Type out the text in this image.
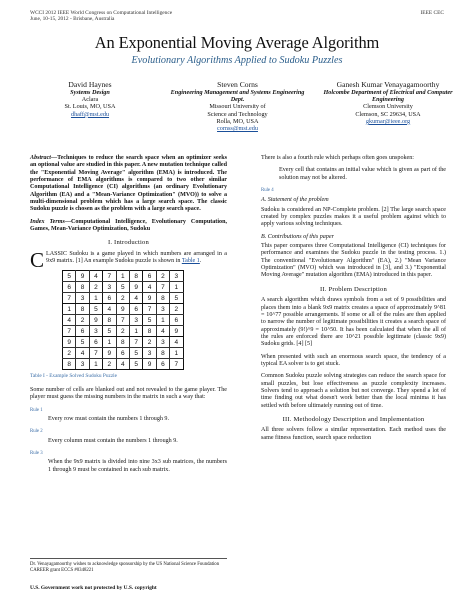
WCCI 2012 IEEE World Congress on Computational Intelligence
June, 10-15, 2012 - Brisbane, Australia
IEEE CEC
An Exponential Moving Average Algorithm
Evolutionary Algorithms Applied to Sudoku Puzzles
David Haynes
Systems Design
Aclara
St. Louis, MO, USA
dhaff@mst.edu
Steven Corns
Engineering Management and Systems Engineering Dept.
Missouri University of
Science and Technology
Rolla, MO, USA
cornss@mst.edu
Ganesh Kumar Venayagamoorthy
Holcombe Department of Electrical and Computer Engineering
Clemson University
Clemson, SC 29634, USA
gkumar@ieee.org

Abstract—Techniques to reduce the search space when an optimizer seeks an optional value are studied in this paper. A new mutation technique called the "Exponential Moving Average" algorithm (EMA) is introduced. The performance of EMA algorithms is compared to two other similar Computational Intelligence (CI) algorithms (an ordinary Evolutionary Algorithm (EA) and a "Mean-Variance Optimization" (MVO)) to solve a multi-dimensional problem which has a large search space. The classic Sudoku puzzle is chosen as the problem with a large search space.

Index Terms—Computational Intelligence, Evolutionary Computation, Games, Mean-Variance Optimization, Sudoku

I. Introduction

CLASSIC Sudoku is a game played in which numbers are arranged in a 9x9 matrix. [1] An example Sudoku puzzle is shown in Table 1.

5	9	4	7	1	8	6	2	3
6	8	2	3	5	9	4	7	1
7	3	1	6	2	4	9	8	5
1	8	5	4	9	6	7	3	2
4	2	9	8	7	3	5	1	6
7	6	3	5	2	1	8	4	9
9	5	6	1	8	7	2	3	4
2	4	7	9	6	5	3	8	1
8	3	1	2	4	5	9	6	7
Table I - Example Solved Sudoku Puzzle

Some number of cells are blanked out and not revealed to the game player. The player must guess the missing numbers in the matrix in such a way that:

Rule 1
Every row must contain the numbers 1 through 9.
Rule 2
Every column must contain the numbers 1 through 9.
Rule 3
When the 9x9 matrix is divided into nine 3x3 sub matrices, the numbers 1 through 9 must be contained in each sub matrix.
Dr. Venayagamoorthy wishes to acknowledge sponsorship by the US National Science Foundation CAREER grant ECCS #0348221
U.S. Government work not protected by U.S. copyright

There is also a fourth rule which perhaps often goes unspoken:

Every cell that contains an initial value which is given as part of the solution may not be altered.
Rule 4
A. Statement of the problem

Sudoku is considered an NP-Complete problem. [2] The large search space created by complex puzzles makes it a useful problem against which to apply various solving techniques.

B. Contributions of this paper

This paper compares three Computational Intelligence (CI) techniques for performance and examines the Sudoku puzzle in the testing process. 1.) The conventional "Evolutionary Algorithm" (EA), 2.) "Mean Variance Optimization" (MVO) which was introduced in [3], and 3.) "Exponential Moving Average" mutation algorithm (EMA) introduced in this paper.

II. Problem Description

A search algorithm which draws symbols from a set of 9 possibilities and places them into a blank 9x9 matrix creates a space of approximately 9^81 = 10^77 possible arrangements. If some or all of the rules are then applied to narrow the number of legitimate possibilities it creates a search space of approximately (9!)^9 = 10^50. It has been calculated that when the all of the rules are enforced there are 10^21 possible legitimate (classic 9x9) Sudoku grids. [4] [5]

When presented with such an enormous search space, the tendency of a typical EA solver is to get stuck.

Common Sudoku puzzle solving strategies can reduce the search space for small puzzles, but lose effectiveness as puzzle complexity increases. Solvers tend to approach a solution but not converge. They spend a lot of time finding out what doesn't work better than the local minima it has settled with before ultimately running out of time.

III. Methodology Description and Implementation

All three solvers follow a similar representation. Each method uses the same fitness function, search space reduction
